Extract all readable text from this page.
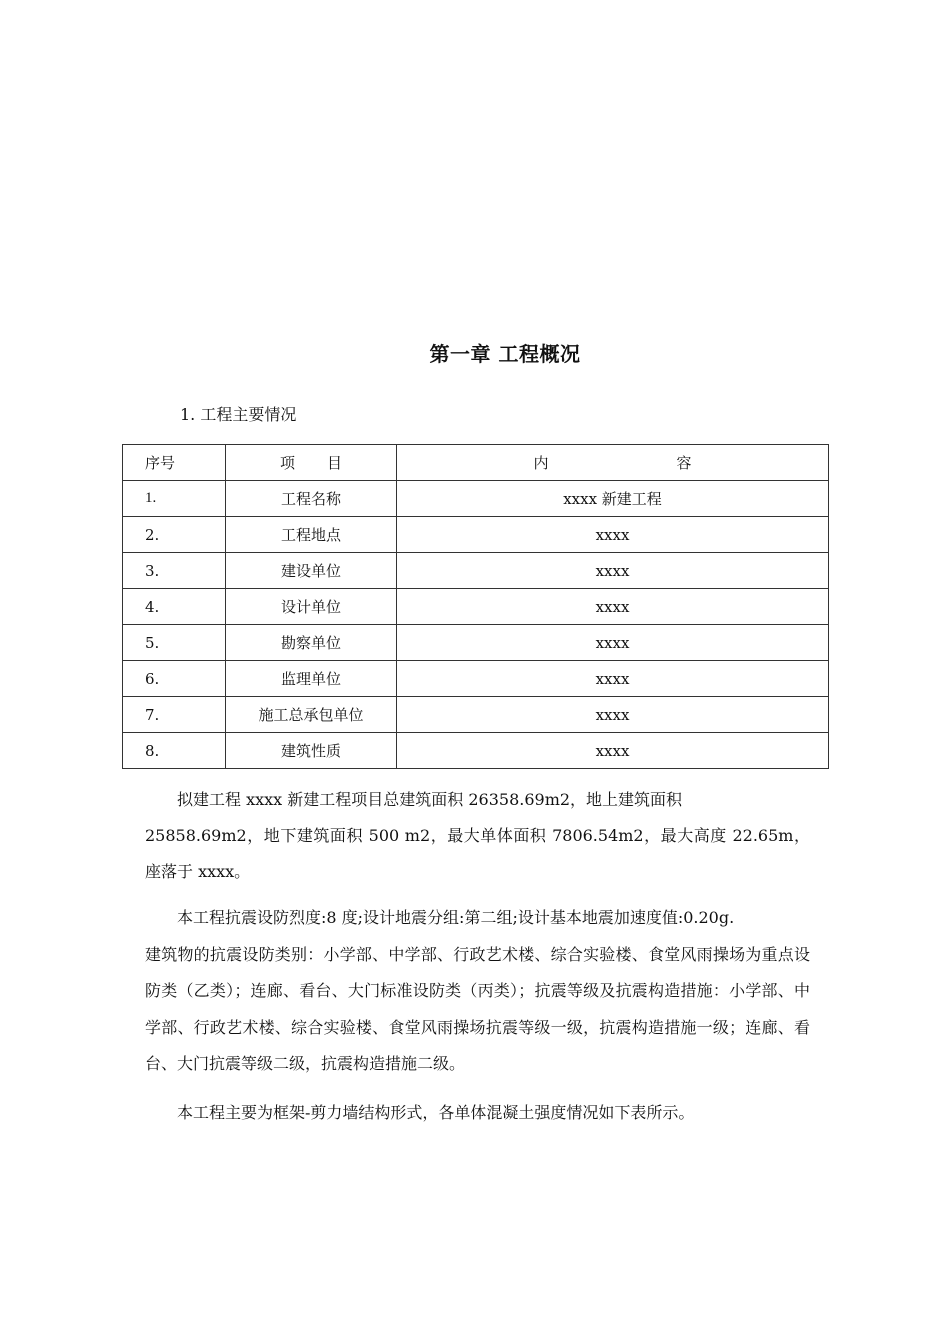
第一章 工程概况
1. 工程主要情况
序号	项 目	内 容
1.	工程名称	xxxx 新建工程
2.	工程地点	xxxx
3.	建设单位	xxxx
4.	设计单位	xxxx
5.	勘察单位	xxxx
6.	监理单位	xxxx
7.	施工总承包单位	xxxx
8.	建筑性质	xxxx

拟建工程 xxxx 新建工程项目总建筑面积 26358.69m2，地上建筑面积
25858.69m2，地下建筑面积 500 m2，最大单体面积 7806.54m2，最大高度 22.65m，座落于 xxxx。

本工程抗震设防烈度:8 度;设计地震分组:第二组;设计基本地震加速度值:0.20g.
建筑物的抗震设防类别：小学部、中学部、行政艺术楼、综合实验楼、食堂风雨操场为重点设防类（乙类）；连廊、看台、大门标准设防类（丙类）；抗震等级及抗震构造措施：小学部、中学部、行政艺术楼、综合实验楼、食堂风雨操场抗震等级一级，抗震构造措施一级；连廊、看台、大门抗震等级二级，抗震构造措施二级。

本工程主要为框架-剪力墙结构形式，各单体混凝土强度情况如下表所示。
